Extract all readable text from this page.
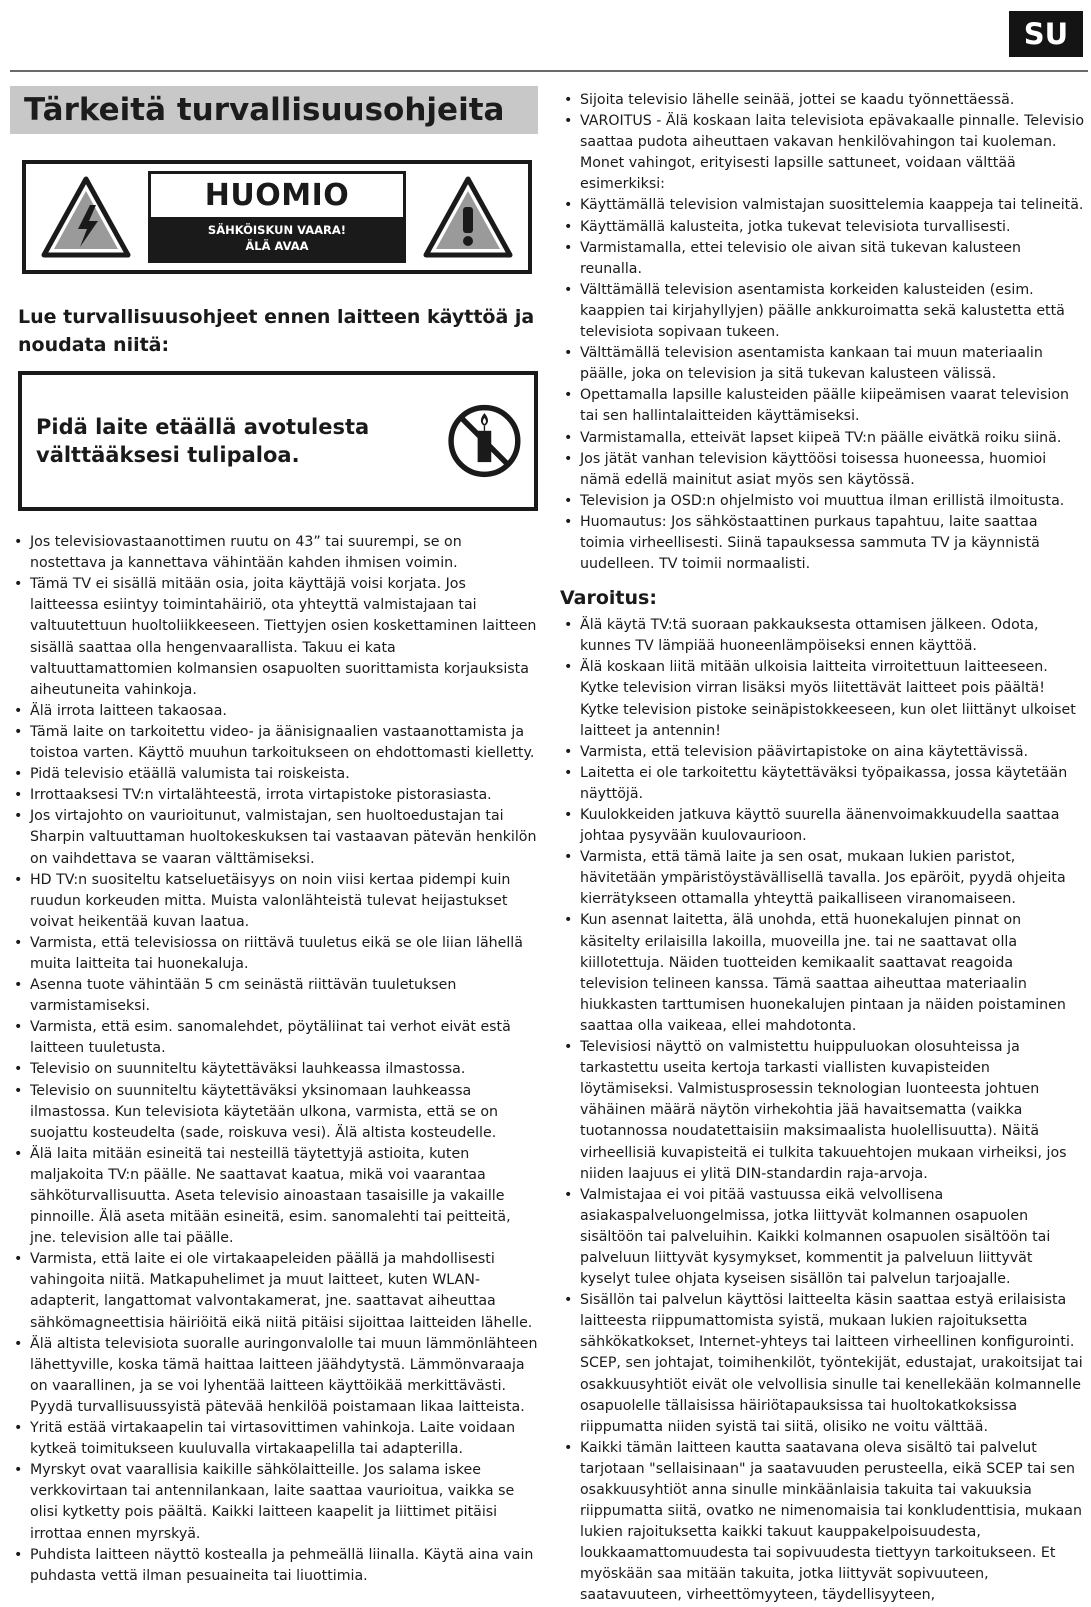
SU
Tärkeitä turvallisuusohjeita
HUOMIO
SÄHKÖISKUN VAARA!
ÄLÄ AVAA
Lue turvallisuusohjeet ennen laitteen käyttöä ja noudata niitä:
Pidä laite etäällä avotulesta välttääksesi tulipaloa.
• Jos televisiovastaanottimen ruutu on 43” tai suurempi, se on nostettava ja kannettava vähintään kahden ihmisen voimin.
• Tämä TV ei sisällä mitään osia, joita käyttäjä voisi korjata. Jos laitteessa esiintyy toimintahäiriö, ota yhteyttä valmistajaan tai valtuutettuun huoltoliikkeeseen. Tiettyjen osien koskettaminen laitteen sisällä saattaa olla hengenvaarallista. Takuu ei kata valtuuttamattomien kolmansien osapuolten suorittamista korjauksista aiheutuneita vahinkoja.
• Älä irrota laitteen takaosaa.
• Tämä laite on tarkoitettu video- ja äänisignaalien vastaanottamista ja toistoa varten. Käyttö muuhun tarkoitukseen on ehdottomasti kielletty.
• Pidä televisio etäällä valumista tai roiskeista.
• Irrottaaksesi TV:n virtalähteestä, irrota virtapistoke pistorasiasta.
• Jos virtajohto on vaurioitunut, valmistajan, sen huoltoedustajan tai Sharpin valtuuttaman huoltokeskuksen tai vastaavan pätevän henkilön on vaihdettava se vaaran välttämiseksi.
• HD TV:n suositeltu katseluetäisyys on noin viisi kertaa pidempi kuin ruudun korkeuden mitta. Muista valonlähteistä tulevat heijastukset voivat heikentää kuvan laatua.
• Varmista, että televisiossa on riittävä tuuletus eikä se ole liian lähellä muita laitteita tai huonekaluja.
• Asenna tuote vähintään 5 cm seinästä riittävän tuuletuksen varmistamiseksi.
• Varmista, että esim. sanomalehdet, pöytäliinat tai verhot eivät estä laitteen tuuletusta.
• Televisio on suunniteltu käytettäväksi lauhkeassa ilmastossa.
• Televisio on suunniteltu käytettäväksi yksinomaan lauhkeassa ilmastossa. Kun televisiota käytetään ulkona, varmista, että se on suojattu kosteudelta (sade, roiskuva vesi). Älä altista kosteudelle.
• Älä laita mitään esineitä tai nesteillä täytettyjä astioita, kuten maljakoita TV:n päälle. Ne saattavat kaatua, mikä voi vaarantaa sähköturvallisuutta. Aseta televisio ainoastaan tasaisille ja vakaille pinnoille. Älä aseta mitään esineitä, esim. sanomalehti tai peitteitä, jne. television alle tai päälle.
• Varmista, että laite ei ole virtakaapeleiden päällä ja mahdollisesti vahingoita niitä. Matkapuhelimet ja muut laitteet, kuten WLAN-adapterit, langattomat valvontakamerat, jne. saattavat aiheuttaa sähkömagneettisia häiriöitä eikä niitä pitäisi sijoittaa laitteiden lähelle.
• Älä altista televisiota suoralle auringonvalolle tai muun lämmönlähteen lähettyville, koska tämä haittaa laitteen jäähdytystä. Lämmönvaraaja on vaarallinen, ja se voi lyhentää laitteen käyttöikää merkittävästi. Pyydä turvallisuussyistä pätevää henkilöä poistamaan likaa laitteista.
• Yritä estää virtakaapelin tai virtasovittimen vahinkoja. Laite voidaan kytkeä toimitukseen kuuluvalla virtakaapelilla tai adapterilla.
• Myrskyt ovat vaarallisia kaikille sähkölaitteille. Jos salama iskee verkkovirtaan tai antennilankaan, laite saattaa vaurioitua, vaikka se olisi kytketty pois päältä. Kaikki laitteen kaapelit ja liittimet pitäisi irrottaa ennen myrskyä.
• Puhdista laitteen näyttö kostealla ja pehmeällä liinalla. Käytä aina vain puhdasta vettä ilman pesuaineita tai liuottimia.
• Sijoita televisio lähelle seinää, jottei se kaadu työnnettäessä.
• VAROITUS - Älä koskaan laita televisiota epävakaalle pinnalle. Televisio saattaa pudota aiheuttaen vakavan henkilövahingon tai kuoleman. Monet vahingot, erityisesti lapsille sattuneet, voidaan välttää esimerkiksi:
• Käyttämällä television valmistajan suosittelemia kaappeja tai telineitä.
• Käyttämällä kalusteita, jotka tukevat televisiota turvallisesti.
• Varmistamalla, ettei televisio ole aivan sitä tukevan kalusteen reunalla.
• Välttämällä television asentamista korkeiden kalusteiden (esim. kaappien tai kirjahyllyjen) päälle ankkuroimatta sekä kalustetta että televisiota sopivaan tukeen.
• Välttämällä television asentamista kankaan tai muun materiaalin päälle, joka on television ja sitä tukevan kalusteen välissä.
• Opettamalla lapsille kalusteiden päälle kiipeämisen vaarat television tai sen hallintalaitteiden käyttämiseksi.
• Varmistamalla, etteivät lapset kiipeä TV:n päälle eivätkä roiku siinä.
• Jos jätät vanhan television käyttöösi toisessa huoneessa, huomioi nämä edellä mainitut asiat myös sen käytössä.
• Television ja OSD:n ohjelmisto voi muuttua ilman erillistä ilmoitusta.
• Huomautus: Jos sähköstaattinen purkaus tapahtuu, laite saattaa toimia virheellisesti. Siinä tapauksessa sammuta TV ja käynnistä uudelleen. TV toimii normaalisti.
Varoitus:
• Älä käytä TV:tä suoraan pakkauksesta ottamisen jälkeen. Odota, kunnes TV lämpiää huoneenlämpöiseksi ennen käyttöä.
• Älä koskaan liitä mitään ulkoisia laitteita virroitettuun laitteeseen. Kytke television virran lisäksi myös liitettävät laitteet pois päältä! Kytke television pistoke seinäpistokkeeseen, kun olet liittänyt ulkoiset laitteet ja antennin!
• Varmista, että television päävirtapistoke on aina käytettävissä.
• Laitetta ei ole tarkoitettu käytettäväksi työpaikassa, jossa käytetään näyttöjä.
• Kuulokkeiden jatkuva käyttö suurella äänenvoimakkuudella saattaa johtaa pysyvään kuulovaurioon.
• Varmista, että tämä laite ja sen osat, mukaan lukien paristot, hävitetään ympäristöystävällisellä tavalla. Jos epäröit, pyydä ohjeita kierrätykseen ottamalla yhteyttä paikalliseen viranomaiseen.
• Kun asennat laitetta, älä unohda, että huonekalujen pinnat on käsitelty erilaisilla lakoilla, muoveilla jne. tai ne saattavat olla kiillotettuja. Näiden tuotteiden kemikaalit saattavat reagoida television telineen kanssa. Tämä saattaa aiheuttaa materiaalin hiukkasten tarttumisen huonekalujen pintaan ja näiden poistaminen saattaa olla vaikeaa, ellei mahdotonta.
• Televisiosi näyttö on valmistettu huippuluokan olosuhteissa ja tarkastettu useita kertoja tarkasti viallisten kuvapisteiden löytämiseksi. Valmistusprosessin teknologian luonteesta johtuen vähäinen määrä näytön virhekohtia jää havaitsematta (vaikka tuotannossa noudatettaisiin maksimaalista huolellisuutta). Näitä virheellisiä kuvapisteitä ei tulkita takuuehtojen mukaan virheiksi, jos niiden laajuus ei ylitä DIN-standardin raja-arvoja.
• Valmistajaa ei voi pitää vastuussa eikä velvollisena asiakaspalveluongelmissa, jotka liittyvät kolmannen osapuolen sisältöön tai palveluihin. Kaikki kolmannen osapuolen sisältöön tai palveluun liittyvät kysymykset, kommentit ja palveluun liittyvät kyselyt tulee ohjata kyseisen sisällön tai palvelun tarjoajalle.
• Sisällön tai palvelun käyttösi laitteelta käsin saattaa estyä erilaisista laitteesta riippumattomista syistä, mukaan lukien rajoituksetta sähkökatkokset, Internet-yhteys tai laitteen virheellinen konfigurointi. SCEP, sen johtajat, toimihenkilöt, työntekijät, edustajat, urakoitsijat tai osakkuusyhtiöt eivät ole velvollisia sinulle tai kenellekään kolmannelle osapuolelle tällaisissa häiriötapauksissa tai huoltokatkoksissa riippumatta niiden syistä tai siitä, olisiko ne voitu välttää.
• Kaikki tämän laitteen kautta saatavana oleva sisältö tai palvelut tarjotaan "sellaisinaan" ja saatavuuden perusteella, eikä SCEP tai sen osakkuusyhtiöt anna sinulle minkäänlaisia takuita tai vakuuksia riippumatta siitä, ovatko ne nimenomaisia tai konkludenttisia, mukaan lukien rajoituksetta kaikki takuut kauppakelpoisuudesta, loukkaamattomuudesta tai sopivuudesta tiettyyn tarkoitukseen. Et myöskään saa mitään takuita, jotka liittyvät sopivuuteen, saatavuuteen, virheettömyyteen, täydellisyyteen,
